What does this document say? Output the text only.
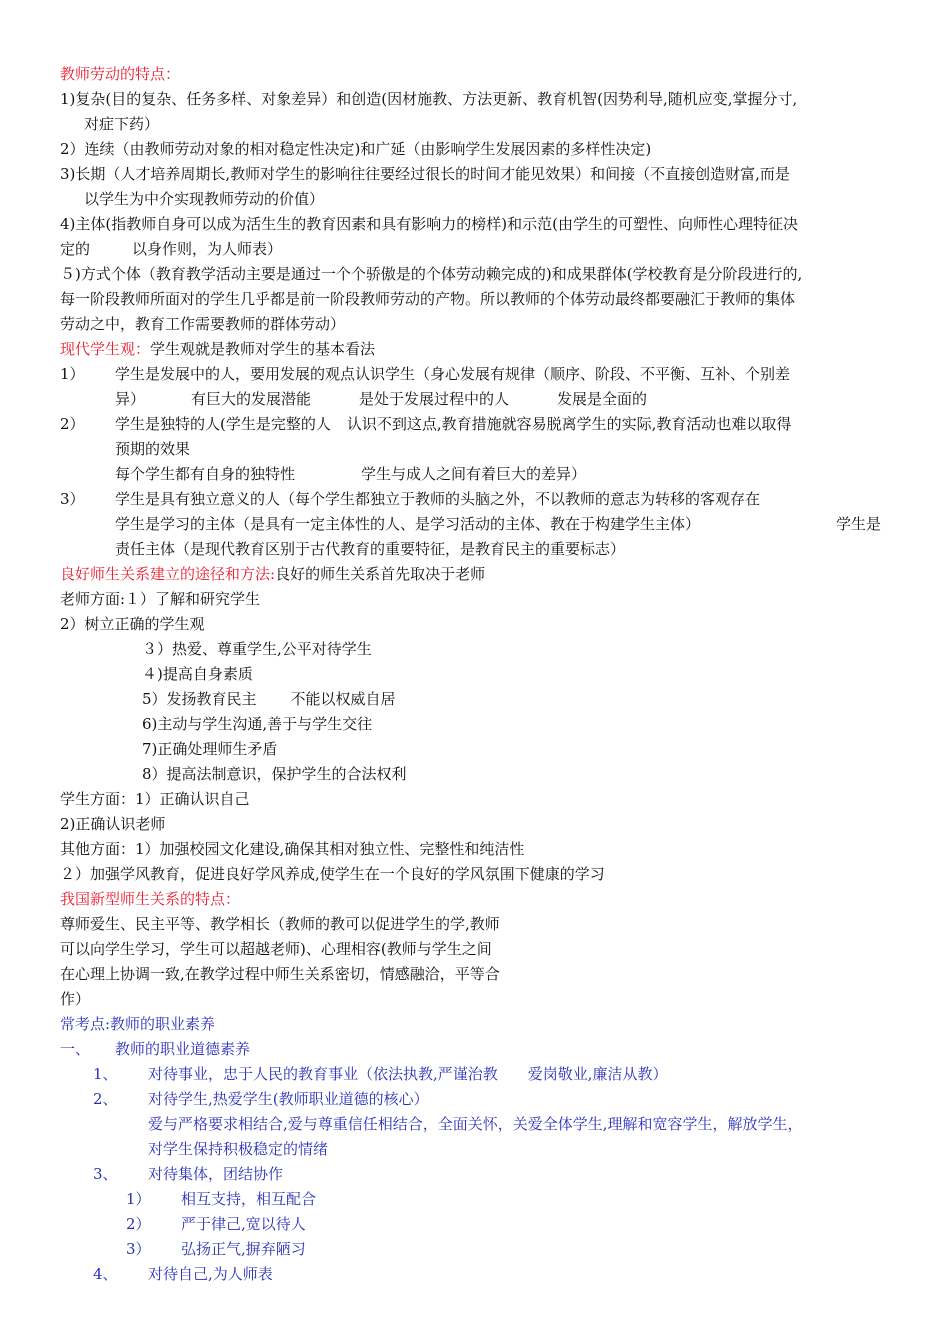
教师劳动的特点：
1)复杂(目的复杂、任务多样、对象差异）和创造(因材施教、方法更新、教育机智(因势利导,随机应变,掌握分寸,
对症下药）
2）连续（由教师劳动对象的相对稳定性决定)和广延（由影响学生发展因素的多样性决定)
3)长期（人才培养周期长,教师对学生的影响往往要经过很长的时间才能见效果）和间接（不直接创造财富,而是
以学生为中介实现教师劳动的价值）
4)主体(指教师自身可以成为活生生的教育因素和具有影响力的榜样)和示范(由学生的可塑性、向师性心理特征决
定的	以身作则，为人师表）
５)方式个体（教育教学活动主要是通过一个个骄傲是的个体劳动赖完成的)和成果群体(学校教育是分阶段进行的,
每一阶段教师所面对的学生几乎都是前一阶段教师劳动的产物。所以教师的个体劳动最终都要融汇于教师的集体
劳动之中，教育工作需要教师的群体劳动）
现代学生观：学生观就是教师对学生的基本看法
1） 学生是发展中的人，要用发展的观点认识学生（身心发展有规律（顺序、阶段、不平衡、互补、个别差
异）	有巨大的发展潜能	是处于发展过程中的人	发展是全面的
2） 学生是独特的人(学生是完整的人 认识不到这点,教育措施就容易脱离学生的实际,教育活动也难以取得
预期的效果
每个学生都有自身的独特性	学生与成人之间有着巨大的差异）
3） 学生是具有独立意义的人（每个学生都独立于教师的头脑之外，不以教师的意志为转移的客观存在
学生是学习的主体（是具有一定主体性的人、是学习活动的主体、教在于构建学生主体）	学生是
责任主体（是现代教育区别于古代教育的重要特征，是教育民主的重要标志）
良好师生关系建立的途径和方法:良好的师生关系首先取决于老师
老师方面:１）了解和研究学生
2）树立正确的学生观
３）热爱、尊重学生,公平对待学生
４)提高自身素质
5）发扬教育民主 不能以权威自居
6)主动与学生沟通,善于与学生交往
7)正确处理师生矛盾
8）提高法制意识，保护学生的合法权利
学生方面：1）正确认识自己
2)正确认识老师
其他方面：1）加强校园文化建设,确保其相对独立性、完整性和纯洁性
２）加强学风教育，促进良好学风养成,使学生在一个良好的学风氛围下健康的学习
我国新型师生关系的特点：
尊师爱生、民主平等、教学相长（教师的教可以促进学生的学,教师
可以向学生学习，学生可以超越老师)、心理相容(教师与学生之间
在心理上协调一致,在教学过程中师生关系密切，情感融洽，平等合
作）
常考点:教师的职业素养
一、 教师的职业道德素养
1、 对待事业，忠于人民的教育事业（依法执教,严谨治教 爱岗敬业,廉洁从教）
2、 对待学生,热爱学生(教师职业道德的核心）
爱与严格要求相结合,爱与尊重信任相结合，全面关怀，关爱全体学生,理解和宽容学生，解放学生，
对学生保持积极稳定的情绪
3、 对待集体，团结协作
1） 相互支持，相互配合
2） 严于律己,宽以待人
3） 弘扬正气,摒弃陋习
4、 对待自己,为人师表
